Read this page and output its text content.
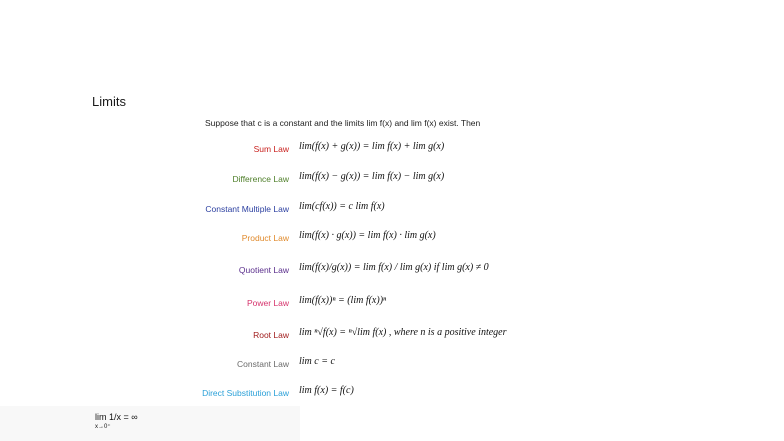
Limits
Suppose that c is a constant and the limits lim f(x) and lim f(x) exist. Then
Sum Law lim(f(x) + g(x)) = lim f(x) + lim g(x)
Difference Law lim(f(x) − g(x)) = lim f(x) − lim g(x)
Constant Multiple Law lim(cf(x)) = c lim f(x)
Product Law lim(f(x) · g(x)) = lim f(x) · lim g(x)
Quotient Law lim(f(x)/g(x)) = lim f(x) / lim g(x) if lim g(x) ≠ 0
Power Law lim(f(x))ⁿ = (lim f(x))ⁿ
Root Law lim ⁿ√f(x) = ⁿ√lim f(x) , where n is a positive integer
Constant Law lim c = c
Direct Substitution Law lim f(x) = f(c)
lim 1/x = ∞
x→0⁺
